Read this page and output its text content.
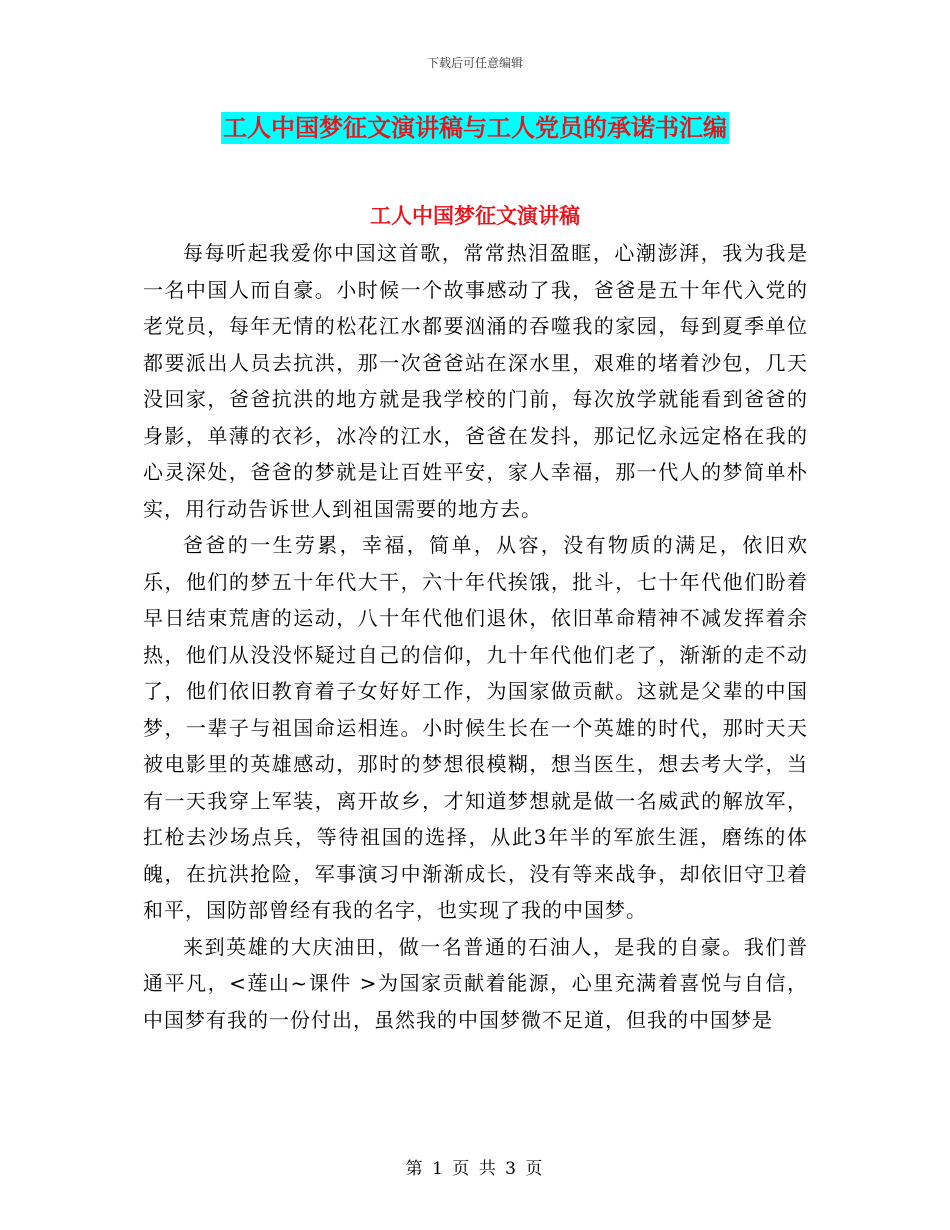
下载后可任意编辑
工人中国梦征文演讲稿与工人党员的承诺书汇编
工人中国梦征文演讲稿

每每听起我爱你中国这首歌，常常热泪盈眶，心潮澎湃，我为我是一名中国人而自豪。小时候一个故事感动了我，爸爸是五十年代入党的老党员，每年无情的松花江水都要汹涌的吞噬我的家园，每到夏季单位都要派出人员去抗洪，那一次爸爸站在深水里，艰难的堵着沙包，几天没回家，爸爸抗洪的地方就是我学校的门前，每次放学就能看到爸爸的身影，单薄的衣衫，冰冷的江水，爸爸在发抖，那记忆永远定格在我的心灵深处，爸爸的梦就是让百姓平安，家人幸福，那一代人的梦简单朴实，用行动告诉世人到祖国需要的地方去。

爸爸的一生劳累，幸福，简单，从容，没有物质的满足，依旧欢乐，他们的梦五十年代大干，六十年代挨饿，批斗，七十年代他们盼着早日结束荒唐的运动，八十年代他们退休，依旧革命精神不减发挥着余热，他们从没没怀疑过自己的信仰，九十年代他们老了，渐渐的走不动了，他们依旧教育着子女好好工作，为国家做贡献。这就是父辈的中国梦，一辈子与祖国命运相连。小时候生长在一个英雄的时代，那时天天被电影里的英雄感动，那时的梦想很模糊，想当医生，想去考大学，当有一天我穿上军装，离开故乡，才知道梦想就是做一名威武的解放军，扛枪去沙场点兵，等待祖国的选择，从此3年半的军旅生涯，磨练的体魄，在抗洪抢险，军事演习中渐渐成长，没有等来战争，却依旧守卫着和平，国防部曾经有我的名字，也实现了我的中国梦。

来到英雄的大庆油田，做一名普通的石油人，是我的自豪。我们普通平凡，<莲山~课件 >为国家贡献着能源，心里充满着喜悦与自信，中国梦有我的一份付出，虽然我的中国梦微不足道，但我的中国梦是

第 1 页 共 3 页
